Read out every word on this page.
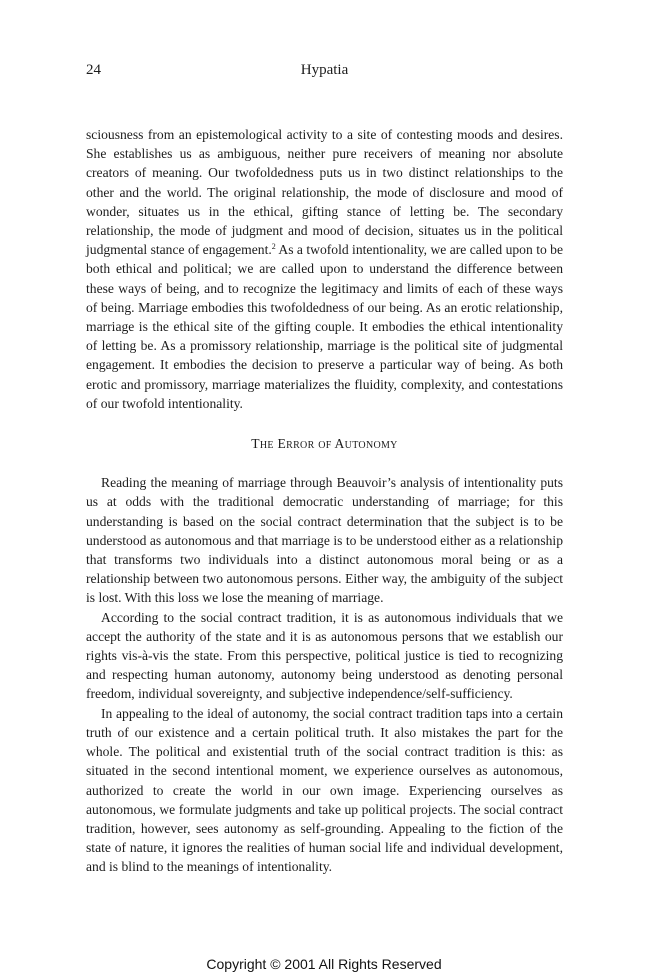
24	Hypatia

sciousness from an epistemological activity to a site of contesting moods and desires. She establishes us as ambiguous, neither pure receivers of meaning nor absolute creators of meaning. Our twofoldedness puts us in two distinct relationships to the other and the world. The original relationship, the mode of disclosure and mood of wonder, situates us in the ethical, gifting stance of letting be. The secondary relationship, the mode of judgment and mood of decision, situates us in the political judgmental stance of engagement.$^2$ As a twofold intentionality, we are called upon to be both ethical and political; we are called upon to understand the difference between these ways of being, and to recognize the legitimacy and limits of each of these ways of being. Marriage embodies this twofoldedness of our being. As an erotic relationship, marriage is the ethical site of the gifting couple. It embodies the ethical intentionality of letting be. As a promissory relationship, marriage is the political site of judgmental engagement. It embodies the decision to preserve a particular way of being. As both erotic and promissory, marriage materializes the fluidity, complexity, and contestations of our twofold intentionality.

The Error of Autonomy

Reading the meaning of marriage through Beauvoir’s analysis of intentionality puts us at odds with the traditional democratic understanding of marriage; for this understanding is based on the social contract determination that the subject is to be understood as autonomous and that marriage is to be understood either as a relationship that transforms two individuals into a distinct autonomous moral being or as a relationship between two autonomous persons. Either way, the ambiguity of the subject is lost. With this loss we lose the meaning of marriage.

According to the social contract tradition, it is as autonomous individuals that we accept the authority of the state and it is as autonomous persons that we establish our rights vis-à-vis the state. From this perspective, political justice is tied to recognizing and respecting human autonomy, autonomy being understood as denoting personal freedom, individual sovereignty, and subjective independence/self-sufficiency.

In appealing to the ideal of autonomy, the social contract tradition taps into a certain truth of our existence and a certain political truth. It also mistakes the part for the whole. The political and existential truth of the social contract tradition is this: as situated in the second intentional moment, we experience ourselves as autonomous, authorized to create the world in our own image. Experiencing ourselves as autonomous, we formulate judgments and take up political projects. The social contract tradition, however, sees autonomy as self-grounding. Appealing to the fiction of the state of nature, it ignores the realities of human social life and individual development, and is blind to the meanings of intentionality.

Copyright © 2001 All Rights Reserved
